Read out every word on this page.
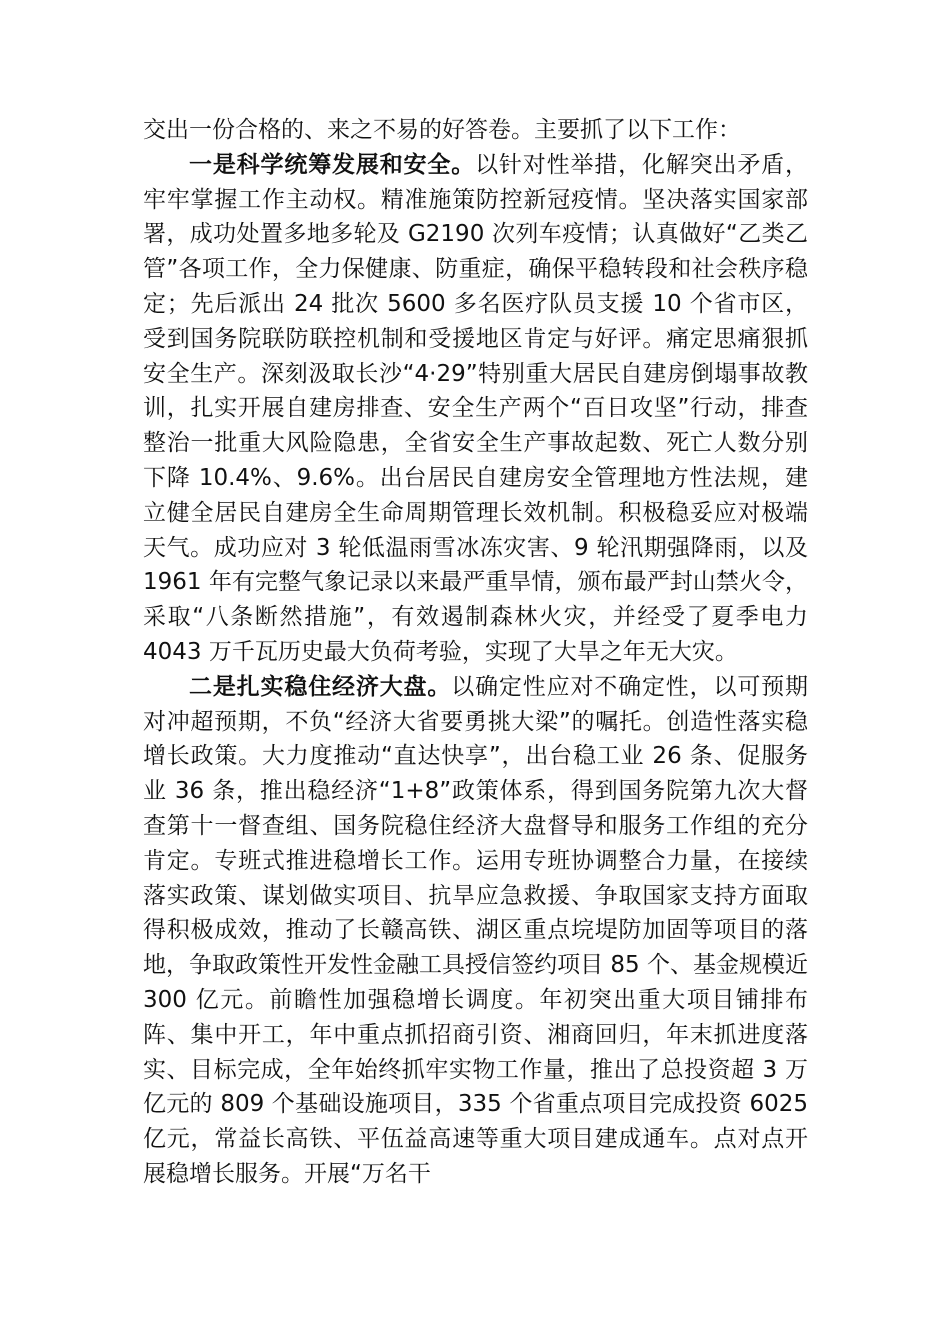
交出一份合格的、来之不易的好答卷。主要抓了以下工作：

一是科学统筹发展和安全。以针对性举措，化解突出矛盾，牢牢掌握工作主动权。精准施策防控新冠疫情。坚决落实国家部署，成功处置多地多轮及 G2190 次列车疫情；认真做好“乙类乙管”各项工作，全力保健康、防重症，确保平稳转段和社会秩序稳定；先后派出 24 批次 5600 多名医疗队员支援 10 个省市区，受到国务院联防联控机制和受援地区肯定与好评。痛定思痛狠抓安全生产。深刻汲取长沙“4·29”特别重大居民自建房倒塌事故教训，扎实开展自建房排查、安全生产两个“百日攻坚”行动，排查整治一批重大风险隐患，全省安全生产事故起数、死亡人数分别下降 10.4%、9.6%。出台居民自建房安全管理地方性法规，建立健全居民自建房全生命周期管理长效机制。积极稳妥应对极端天气。成功应对 3 轮低温雨雪冰冻灾害、9 轮汛期强降雨，以及 1961 年有完整气象记录以来最严重旱情，颁布最严封山禁火令，采取“八条断然措施”，有效遏制森林火灾，并经受了夏季电力 4043 万千瓦历史最大负荷考验，实现了大旱之年无大灾。

二是扎实稳住经济大盘。以确定性应对不确定性，以可预期对冲超预期，不负“经济大省要勇挑大梁”的嘱托。创造性落实稳增长政策。大力度推动“直达快享”，出台稳工业 26 条、促服务业 36 条，推出稳经济“1+8”政策体系，得到国务院第九次大督查第十一督查组、国务院稳住经济大盘督导和服务工作组的充分肯定。专班式推进稳增长工作。运用专班协调整合力量，在接续落实政策、谋划做实项目、抗旱应急救援、争取国家支持方面取得积极成效，推动了长赣高铁、湖区重点垸堤防加固等项目的落地，争取政策性开发性金融工具授信签约项目 85 个、基金规模近 300 亿元。前瞻性加强稳增长调度。年初突出重大项目铺排布阵、集中开工，年中重点抓招商引资、湘商回归，年末抓进度落实、目标完成，全年始终抓牢实物工作量，推出了总投资超 3 万亿元的 809 个基础设施项目，335 个省重点项目完成投资 6025 亿元，常益长高铁、平伍益高速等重大项目建成通车。点对点开展稳增长服务。开展“万名干
